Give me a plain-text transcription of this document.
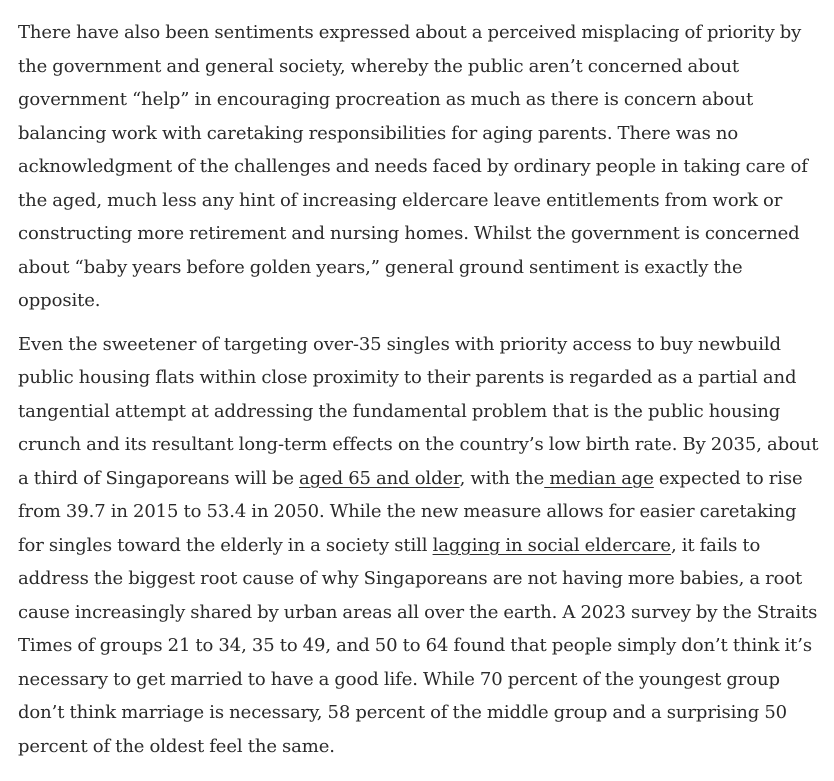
There have also been sentiments expressed about a perceived misplacing of priority by the government and general society, whereby the public aren’t concerned about government “help” in encouraging procreation as much as there is concern about balancing work with caretaking responsibilities for aging parents. There was no acknowledgment of the challenges and needs faced by ordinary people in taking care of the aged, much less any hint of increasing eldercare leave entitlements from work or constructing more retirement and nursing homes. Whilst the government is concerned about “baby years before golden years,” general ground sentiment is exactly the opposite.

Even the sweetener of targeting over-35 singles with priority access to buy newbuild public housing flats within close proximity to their parents is regarded as a partial and tangential attempt at addressing the fundamental problem that is the public housing crunch and its resultant long-term effects on the country’s low birth rate. By 2035, about a third of Singaporeans will be aged 65 and older, with the median age expected to rise from 39.7 in 2015 to 53.4 in 2050. While the new measure allows for easier caretaking for singles toward the elderly in a society still lagging in social eldercare, it fails to address the biggest root cause of why Singaporeans are not having more babies, a root cause increasingly shared by urban areas all over the earth. A 2023 survey by the Straits Times of groups 21 to 34, 35 to 49, and 50 to 64 found that people simply don’t think it’s necessary to get married to have a good life. While 70 percent of the youngest group don’t think marriage is necessary, 58 percent of the middle group and a surprising 50 percent of the oldest feel the same.
